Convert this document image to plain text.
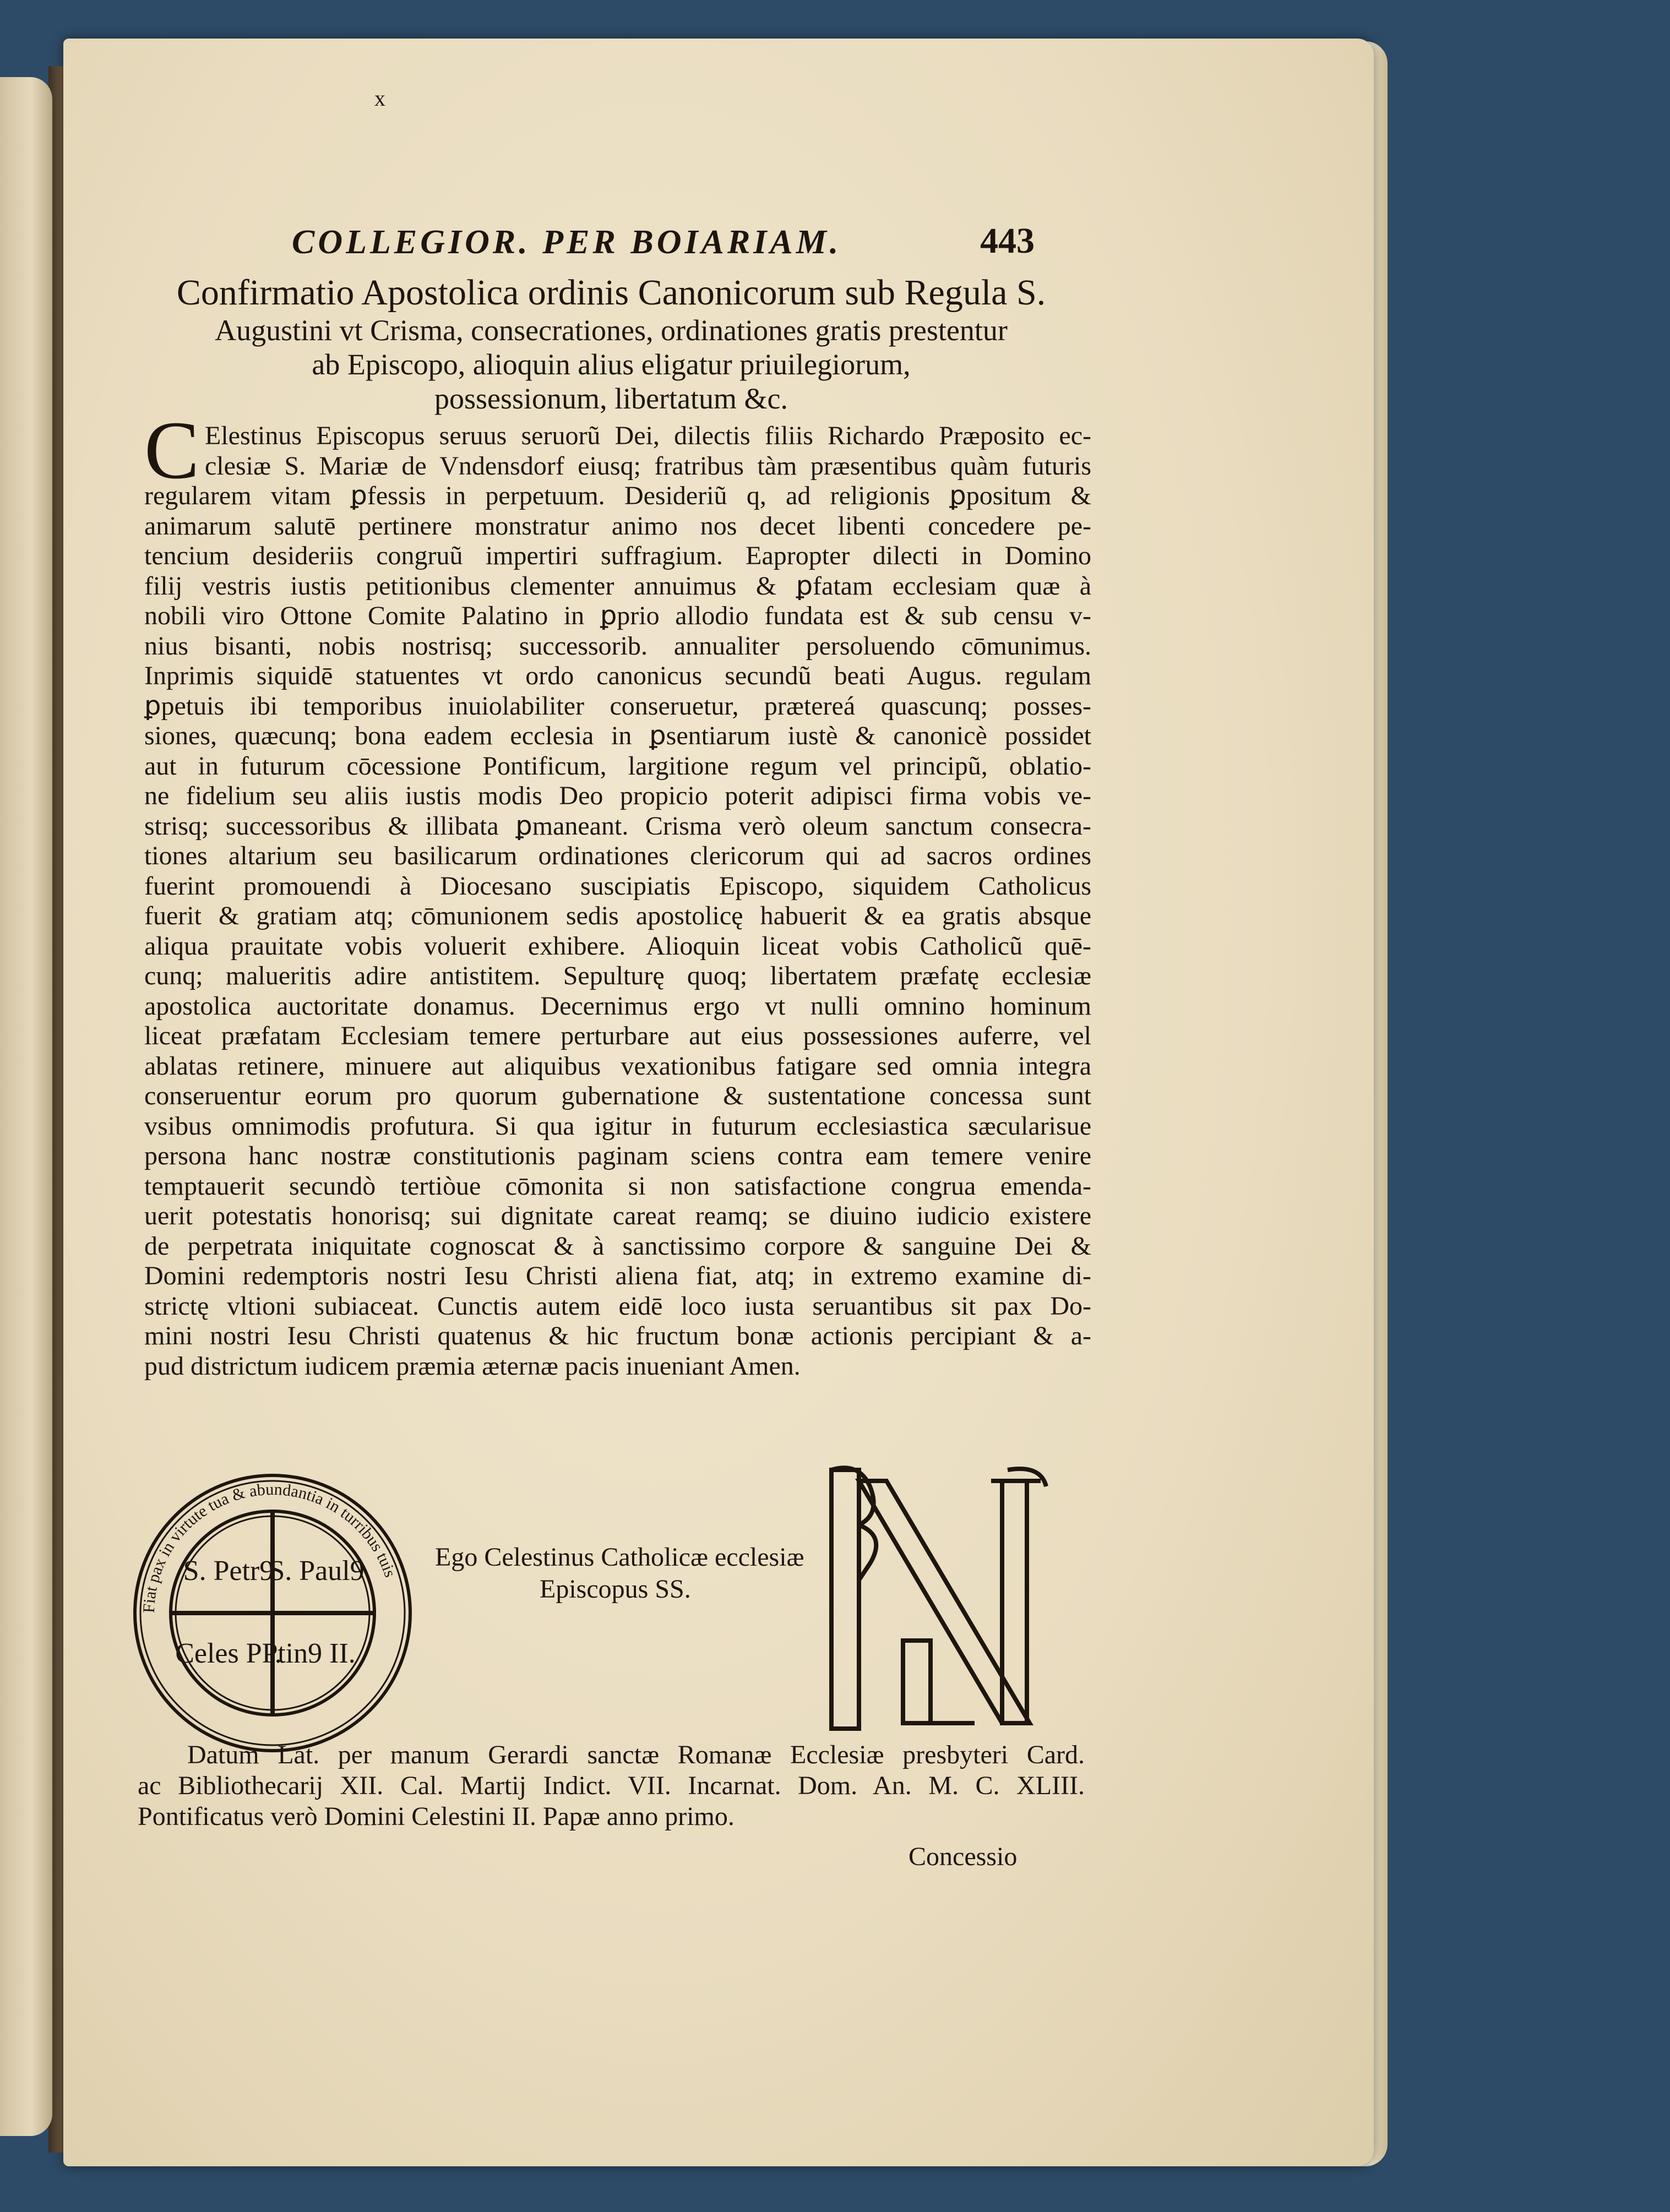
x
COLLEGIOR. PER BOIARIAM.	443
Confirmatio Apostolica ordinis Canonicorum sub Regula S.
Augustini vt Crisma, consecrationes, ordinationes gratis prestentur
ab Episcopo, alioquin alius eligatur priuilegiorum,
possessionum, libertatum &c.
C Elestinus Episcopus seruus seruorũ Dei, dilectis filiis Richardo Præposito ec-
clesiæ S. Mariæ de Vndensdorf eiusq; fratribus tàm præsentibus quàm futuris
regularem vitam ꝑfessis in perpetuum. Desideriũ q, ad religionis ꝑpositum &
animarum salutē pertinere monstratur animo nos decet libenti concedere pe-
tencium desideriis congruũ impertiri suffragium. Eapropter dilecti in Domino
filij vestris iustis petitionibus clementer annuimus & ꝑfatam ecclesiam quæ à
nobili viro Ottone Comite Palatino in ꝑprio allodio fundata est & sub censu v-
nius bisanti, nobis nostrisq; successorib. annualiter persoluendo cōmunimus.
Inprimis siquidē statuentes vt ordo canonicus secundũ beati Augus. regulam
ꝑpetuis ibi temporibus inuiolabiliter conseruetur, prætereá quascunq; posses-
siones, quæcunq; bona eadem ecclesia in ꝑsentiarum iustè & canonicè possidet
aut in futurum cōcessione Pontificum, largitione regum vel principũ, oblatio-
ne fidelium seu aliis iustis modis Deo propicio poterit adipisci firma vobis ve-
strisq; successoribus & illibata ꝑmaneant. Crisma verò oleum sanctum consecra-
tiones altarium seu basilicarum ordinationes clericorum qui ad sacros ordines
fuerint promouendi à Diocesano suscipiatis Episcopo, siquidem Catholicus
fuerit & gratiam atq; cōmunionem sedis apostolicę habuerit & ea gratis absque
aliqua prauitate vobis voluerit exhibere. Alioquin liceat vobis Catholicũ quē-
cunq; malueritis adire antistitem. Sepulturę quoq; libertatem præfatę ecclesiæ
apostolica auctoritate donamus. Decernimus ergo vt nulli omnino hominum
liceat præfatam Ecclesiam temere perturbare aut eius possessiones auferre, vel
ablatas retinere, minuere aut aliquibus vexationibus fatigare sed omnia integra
conseruentur eorum pro quorum gubernatione & sustentatione concessa sunt
vsibus omnimodis profutura. Si qua igitur in futurum ecclesiastica sæcularisue
persona hanc nostræ constitutionis paginam sciens contra eam temere venire
temptauerit secundò tertiòue cōmonita si non satisfactione congrua emenda-
uerit potestatis honorisq; sui dignitate careat reamq; se diuino iudicio existere
de perpetrata iniquitate cognoscat & à sanctissimo corpore & sanguine Dei &
Domini redemptoris nostri Iesu Christi aliena fiat, atq; in extremo examine di-
strictę vltioni subiaceat. Cunctis autem eidē loco iusta seruantibus sit pax Do-
mini nostri Iesu Christi quatenus & hic fructum bonæ actionis percipiant & a-
pud districtum iudicem præmia æternæ pacis inueniant Amen.
Fiat pax in virtute tua & abundantia in turribus tuis
S. Petr9
S. Paul9
Celes PP.
tin9 II.
Ego Celestinus Catholicæ ecclesiæ
Episcopus SS.
Datum Lat. per manum Gerardi sanctæ Romanæ Ecclesiæ presbyteri Card.
ac Bibliothecarij XII. Cal. Martij Indict. VII. Incarnat. Dom. An. M. C. XLIII.
Pontificatus verò Domini Celestini II. Papæ anno primo.
Concessio
